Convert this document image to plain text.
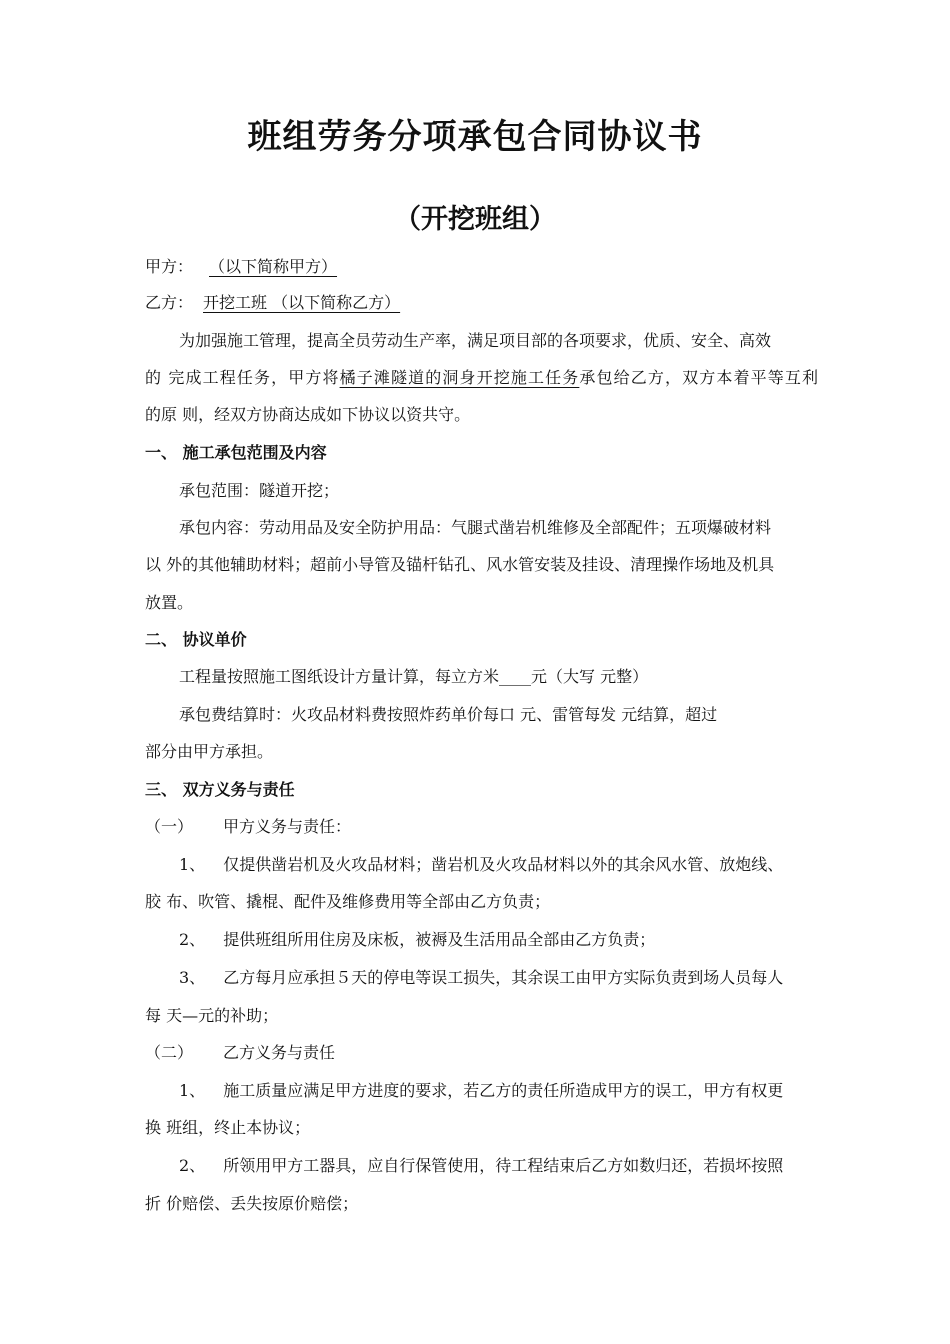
班组劳务分项承包合同协议书
（开挖班组）
甲方： （以下简称甲方）
乙方： 开挖工班 （以下简称乙方）
为加强施工管理，提高全员劳动生产率，满足项目部的各项要求，优质、安全、高效
的 完成工程任务，甲方将橘子滩隧道的洞身开挖施工任务承包给乙方，双方本着平等互利
的原 则，经双方协商达成如下协议以资共守。
一、 施工承包范围及内容
承包范围：隧道开挖；
承包内容：劳动用品及安全防护用品：气腿式凿岩机维修及全部配件；五项爆破材料
以 外的其他辅助材料；超前小导管及锚杆钻孔、风水管安装及挂设、清理操作场地及机具
放置。
二、 协议单价
工程量按照施工图纸设计方量计算，每立方米____元（大写 元整）
承包费结算时：火攻品材料费按照炸药单价每口 元、雷管每发 元结算，超过
部分由甲方承担。
三、 双方义务与责任
（一） 甲方义务与责任：
1、 仅提供凿岩机及火攻品材料；凿岩机及火攻品材料以外的其余风水管、放炮线、
胶 布、吹管、撬棍、配件及维修费用等全部由乙方负责；
2、 提供班组所用住房及床板，被褥及生活用品全部由乙方负责；
3、 乙方每月应承担５天的停电等误工损失，其余误工由甲方实际负责到场人员每人
每 天—元的补助；
（二） 乙方义务与责任
1、 施工质量应满足甲方进度的要求，若乙方的责任所造成甲方的误工，甲方有权更
换 班组，终止本协议；
2、 所领用甲方工器具，应自行保管使用，待工程结束后乙方如数归还，若损坏按照
折 价赔偿、丢失按原价赔偿；
